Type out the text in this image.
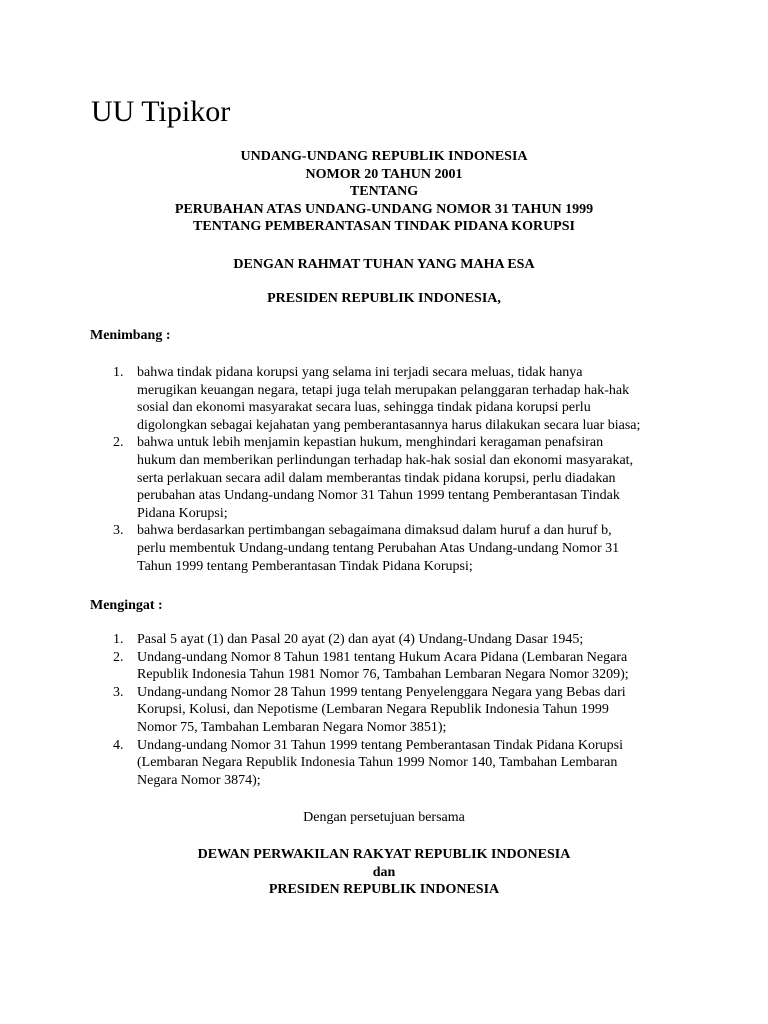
UU Tipikor
UNDANG-UNDANG REPUBLIK INDONESIA
NOMOR 20 TAHUN 2001
TENTANG
PERUBAHAN ATAS UNDANG-UNDANG NOMOR 31 TAHUN 1999
TENTANG PEMBERANTASAN TINDAK PIDANA KORUPSI
DENGAN RAHMAT TUHAN YANG MAHA ESA
PRESIDEN REPUBLIK INDONESIA,

Menimbang :

1. bahwa tindak pidana korupsi yang selama ini terjadi secara meluas, tidak hanya
merugikan keuangan negara, tetapi juga telah merupakan pelanggaran terhadap hak-hak
sosial dan ekonomi masyarakat secara luas, sehingga tindak pidana korupsi perlu
digolongkan sebagai kejahatan yang pemberantasannya harus dilakukan secara luar biasa;
2. bahwa untuk lebih menjamin kepastian hukum, menghindari keragaman penafsiran
hukum dan memberikan perlindungan terhadap hak-hak sosial dan ekonomi masyarakat,
serta perlakuan secara adil dalam memberantas tindak pidana korupsi, perlu diadakan
perubahan atas Undang-undang Nomor 31 Tahun 1999 tentang Pemberantasan Tindak
Pidana Korupsi;
3. bahwa berdasarkan pertimbangan sebagaimana dimaksud dalam huruf a dan huruf b,
perlu membentuk Undang-undang tentang Perubahan Atas Undang-undang Nomor 31
Tahun 1999 tentang Pemberantasan Tindak Pidana Korupsi;

Mengingat :

1. Pasal 5 ayat (1) dan Pasal 20 ayat (2) dan ayat (4) Undang-Undang Dasar 1945;
2. Undang-undang Nomor 8 Tahun 1981 tentang Hukum Acara Pidana (Lembaran Negara
Republik Indonesia Tahun 1981 Nomor 76, Tambahan Lembaran Negara Nomor 3209);
3. Undang-undang Nomor 28 Tahun 1999 tentang Penyelenggara Negara yang Bebas dari
Korupsi, Kolusi, dan Nepotisme (Lembaran Negara Republik Indonesia Tahun 1999
Nomor 75, Tambahan Lembaran Negara Nomor 3851);
4. Undang-undang Nomor 31 Tahun 1999 tentang Pemberantasan Tindak Pidana Korupsi
(Lembaran Negara Republik Indonesia Tahun 1999 Nomor 140, Tambahan Lembaran
Negara Nomor 3874);
Dengan persetujuan bersama
DEWAN PERWAKILAN RAKYAT REPUBLIK INDONESIA
dan
PRESIDEN REPUBLIK INDONESIA
